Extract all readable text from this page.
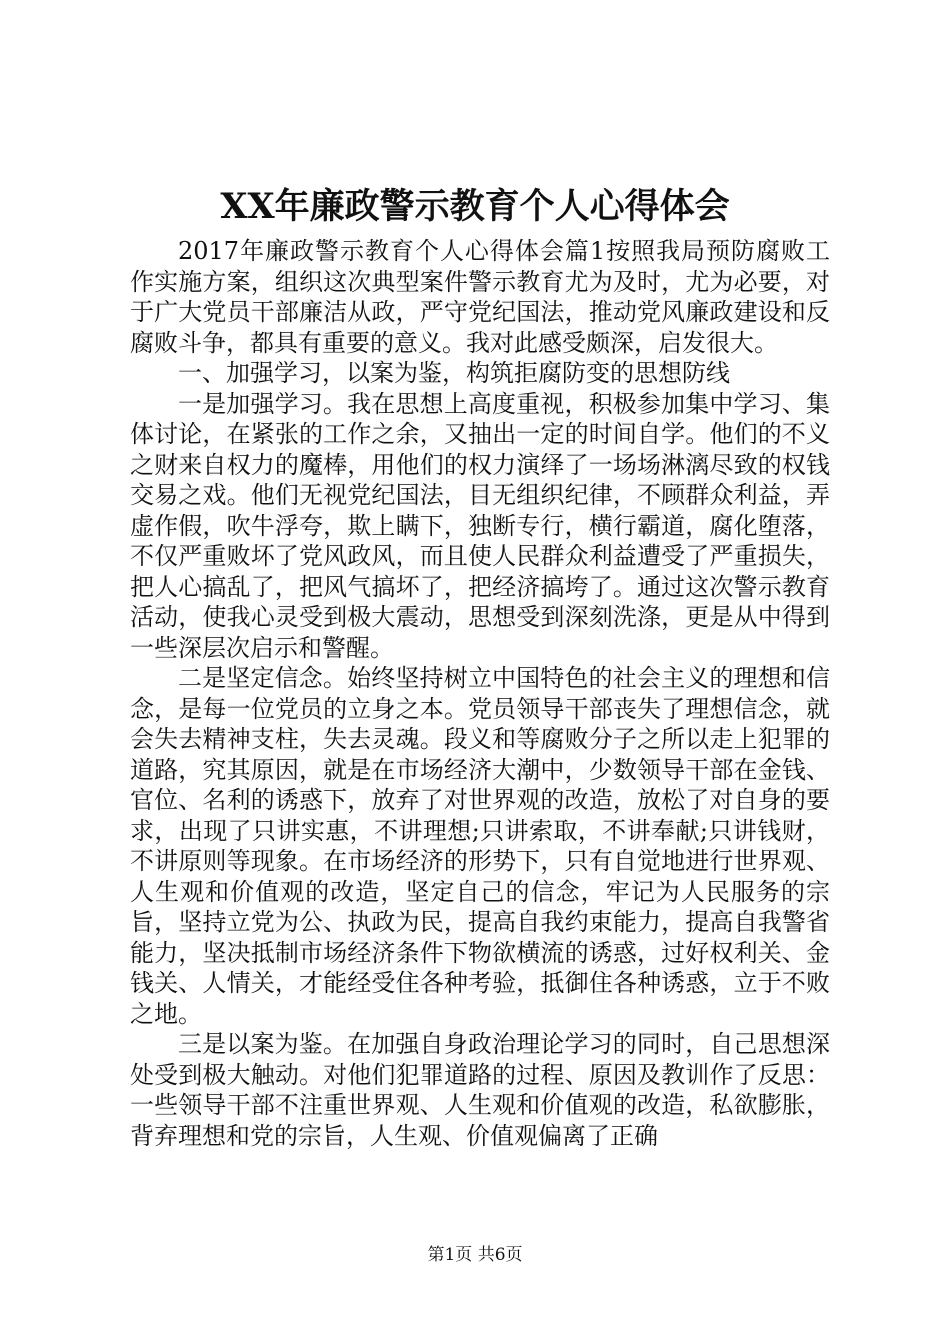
XX年廉政警示教育个人心得体会

2017年廉政警示教育个人心得体会篇1按照我局预防腐败工作实施方案，组织这次典型案件警示教育尤为及时，尤为必要，对于广大党员干部廉洁从政，严守党纪国法，推动党风廉政建设和反腐败斗争，都具有重要的意义。我对此感受颇深，启发很大。

一、加强学习，以案为鉴，构筑拒腐防变的思想防线

一是加强学习。我在思想上高度重视，积极参加集中学习、集体讨论，在紧张的工作之余，又抽出一定的时间自学。他们的不义之财来自权力的魔棒，用他们的权力演绎了一场场淋漓尽致的权钱交易之戏。他们无视党纪国法，目无组织纪律，不顾群众利益，弄虚作假，吹牛浮夸，欺上瞒下，独断专行，横行霸道，腐化堕落，不仅严重败坏了党风政风，而且使人民群众利益遭受了严重损失，把人心搞乱了，把风气搞坏了，把经济搞垮了。通过这次警示教育活动，使我心灵受到极大震动，思想受到深刻洗涤，更是从中得到一些深层次启示和警醒。

二是坚定信念。始终坚持树立中国特色的社会主义的理想和信念，是每一位党员的立身之本。党员领导干部丧失了理想信念，就会失去精神支柱，失去灵魂。段义和等腐败分子之所以走上犯罪的道路，究其原因，就是在市场经济大潮中，少数领导干部在金钱、官位、名利的诱惑下，放弃了对世界观的改造，放松了对自身的要求，出现了只讲实惠，不讲理想;只讲索取，不讲奉献;只讲钱财，不讲原则等现象。在市场经济的形势下，只有自觉地进行世界观、人生观和价值观的改造，坚定自己的信念，牢记为人民服务的宗旨，坚持立党为公、执政为民，提高自我约束能力，提高自我警省能力，坚决抵制市场经济条件下物欲横流的诱惑，过好权利关、金钱关、人情关，才能经受住各种考验，抵御住各种诱惑，立于不败之地。

三是以案为鉴。在加强自身政治理论学习的同时，自己思想深处受到极大触动。对他们犯罪道路的过程、原因及教训作了反思：一些领导干部不注重世界观、人生观和价值观的改造，私欲膨胀，背弃理想和党的宗旨，人生观、价值观偏离了正确

第1页 共6页
